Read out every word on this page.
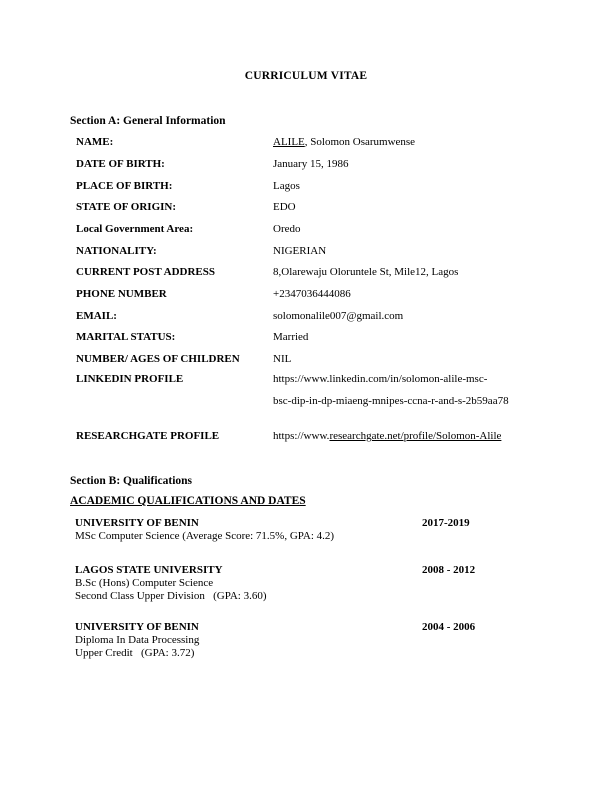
CURRICULUM VITAE
Section A: General Information
NAME:	ALILE, Solomon Osarumwense
DATE OF BIRTH:	January 15, 1986
PLACE OF BIRTH:	Lagos
STATE OF ORIGIN:	EDO
Local Government Area:	Oredo
NATIONALITY:	NIGERIAN
CURRENT POST ADDRESS	8,Olarewaju Oloruntele St, Mile12, Lagos
PHONE NUMBER	+2347036444086
EMAIL:	solomonalile007@gmail.com
MARITAL STATUS:	Married
NUMBER/ AGES OF CHILDREN	NIL
LINKEDIN PROFILE	https://www.linkedin.com/in/solomon-alile-msc-
bsc-dip-in-dp-miaeng-mnipes-ccna-r-and-s-2b59aa78
RESEARCHGATE PROFILE	https://www.researchgate.net/profile/Solomon-Alile
Section B: Qualifications
ACADEMIC QUALIFICATIONS AND DATES
UNIVERSITY OF BENIN	2017-2019
MSc Computer Science (Average Score: 71.5%, GPA: 4.2)
LAGOS STATE UNIVERSITY	2008 - 2012
B.Sc (Hons) Computer Science
Second Class Upper Division   (GPA: 3.60)
UNIVERSITY OF BENIN	2004 - 2006
Diploma In Data Processing
Upper Credit   (GPA: 3.72)
